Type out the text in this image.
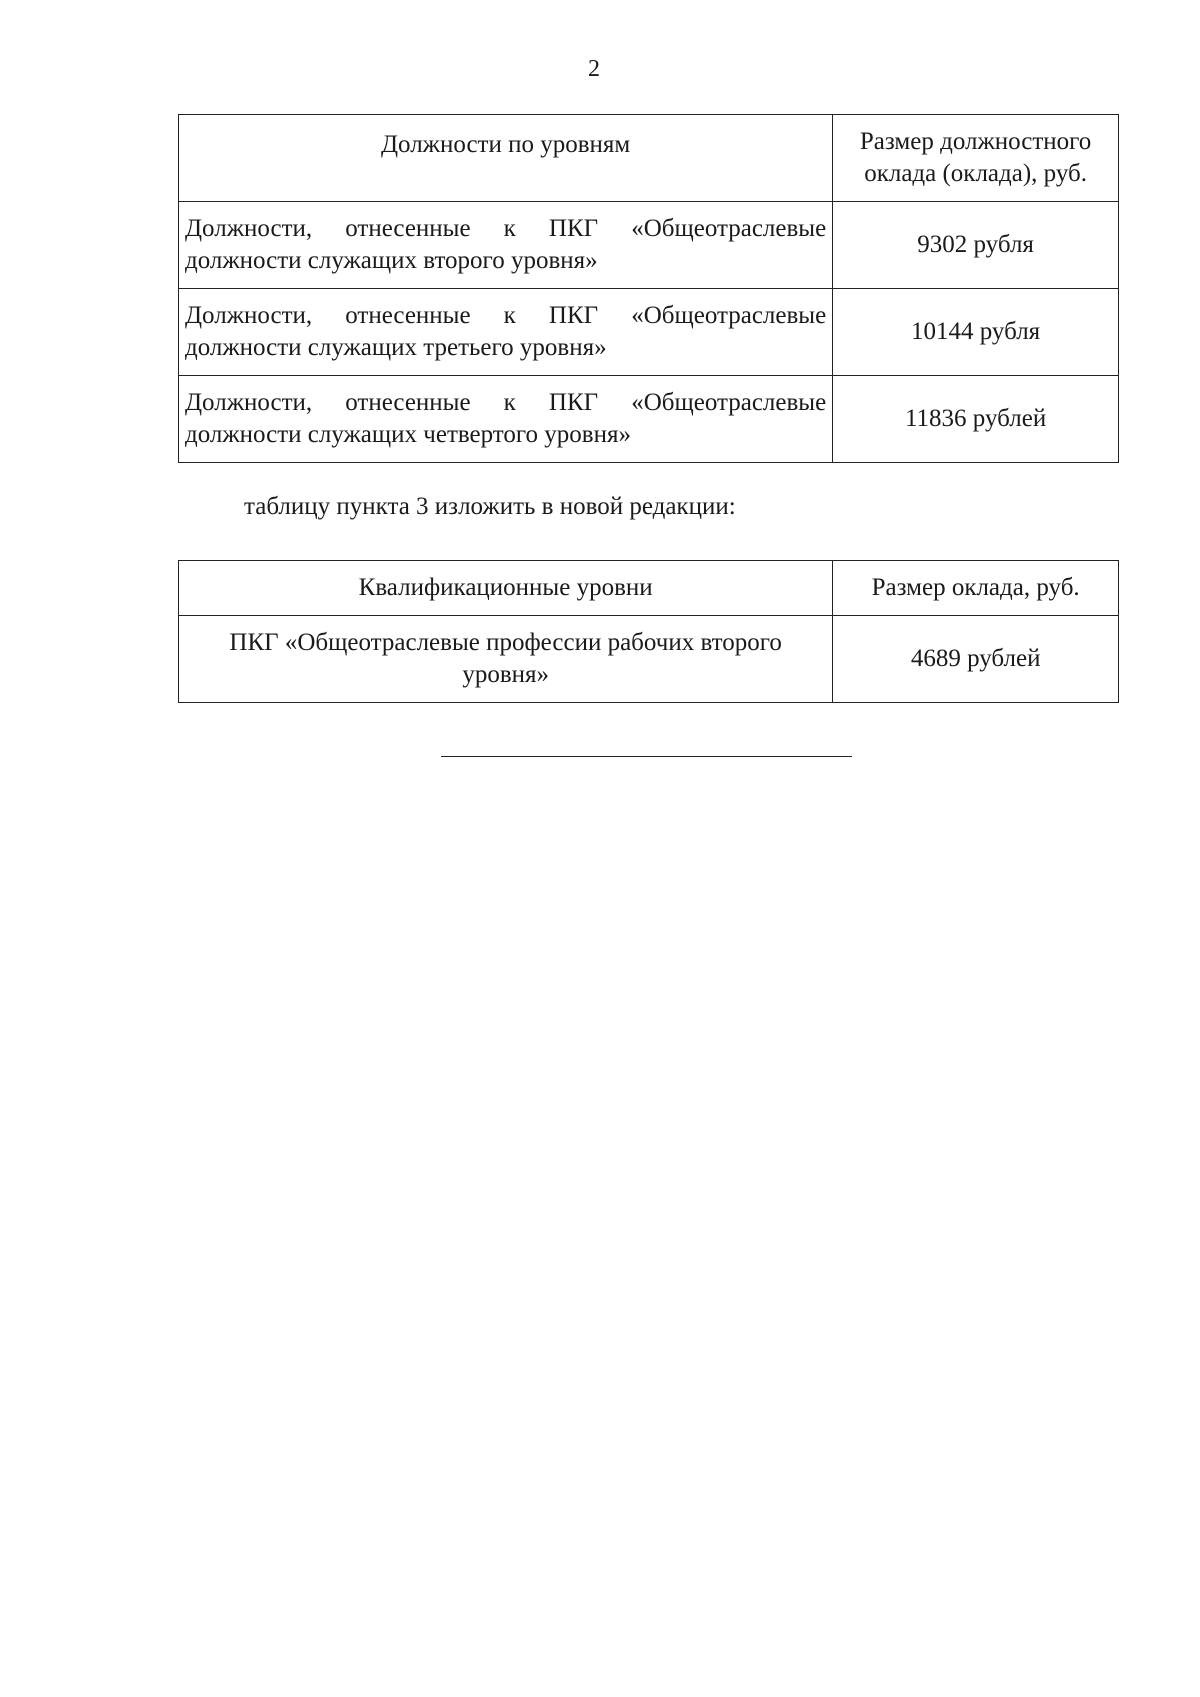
2
Должности по уровням	Размер должностного оклада (оклада), руб.
Должности, отнесенные к ПКГ «Общеотраслевые должности служащих второго уровня»	9302 рубля
Должности, отнесенные к ПКГ «Общеотраслевые должности служащих третьего уровня»	10144 рубля
Должности, отнесенные к ПКГ «Общеотраслевые должности служащих четвертого уровня»	11836 рублей
таблицу пункта 3 изложить в новой редакции:
Квалификационные уровни	Размер оклада, руб.
ПКГ «Общеотраслевые профессии рабочих второго уровня»	4689 рублей
